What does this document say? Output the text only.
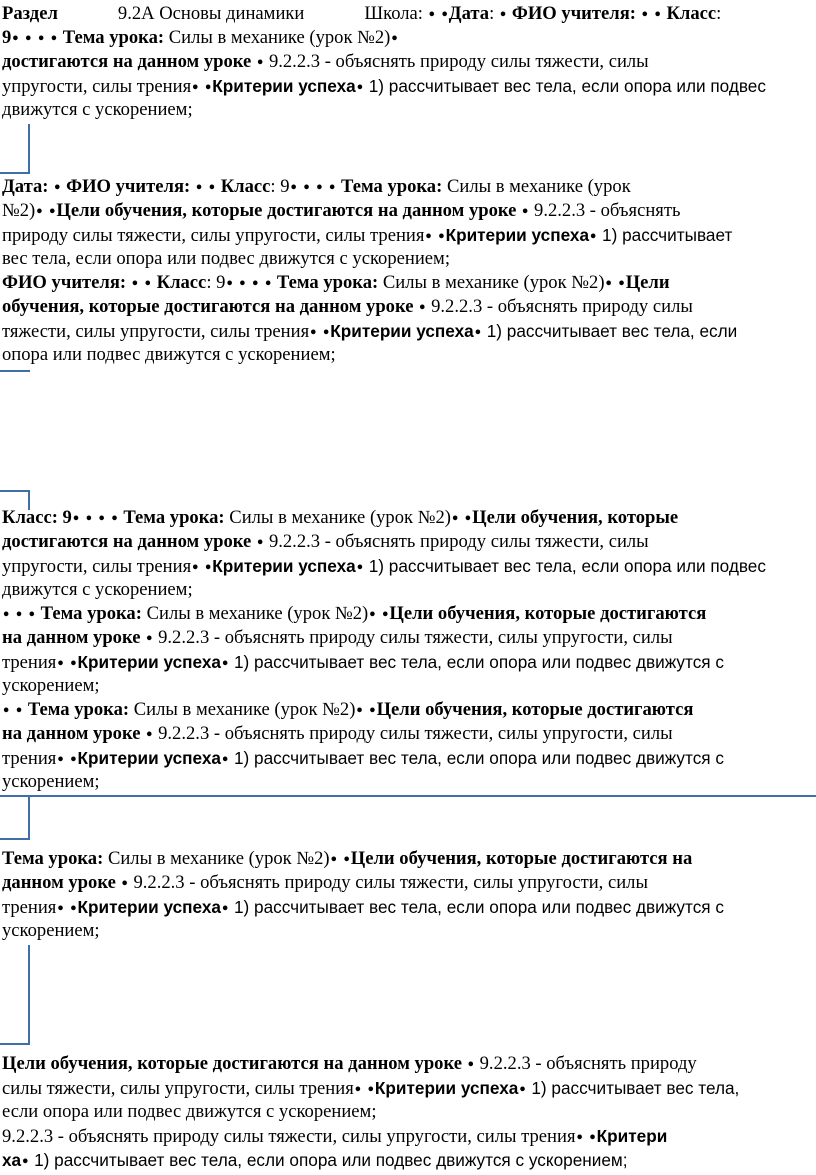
Раздел	9.2А Основы динамики	Школа: • •Дата: • ФИО учителя: • • Класс:
9• • • • Тема урока: Силы в механике (урок №2)•
достигаются на данном уроке • 9.2.2.3 - объяснять природу силы тяжести, силы
упругости, силы трения• •Критерии успеха• 1) рассчитывает вес тела, если опора или подвес
движутся с ускорением;
Дата: • ФИО учителя: • • Класс: 9• • • • Тема урока: Силы в механике (урок
№2)• •Цели обучения, которые достигаются на данном уроке • 9.2.2.3 - объяснять
природу силы тяжести, силы упругости, силы трения• •Критерии успеха• 1) рассчитывает
вес тела, если опора или подвес движутся с ускорением;
ФИО учителя: • • Класс: 9• • • • Тема урока: Силы в механике (урок №2)• •Цели
обучения, которые достигаются на данном уроке • 9.2.2.3 - объяснять природу силы
тяжести, силы упругости, силы трения• •Критерии успеха• 1) рассчитывает вес тела, если
опора или подвес движутся с ускорением;
Класс: 9• • • • Тема урока: Силы в механике (урок №2)• •Цели обучения, которые
достигаются на данном уроке • 9.2.2.3 - объяснять природу силы тяжести, силы
упругости, силы трения• •Критерии успеха• 1) рассчитывает вес тела, если опора или подвес
движутся с ускорением;
• • • Тема урока: Силы в механике (урок №2)• •Цели обучения, которые достигаются
на данном уроке • 9.2.2.3 - объяснять природу силы тяжести, силы упругости, силы
трения• •Критерии успеха• 1) рассчитывает вес тела, если опора или подвес движутся с
ускорением;
• • Тема урока: Силы в механике (урок №2)• •Цели обучения, которые достигаются
на данном уроке • 9.2.2.3 - объяснять природу силы тяжести, силы упругости, силы
трения• •Критерии успеха• 1) рассчитывает вес тела, если опора или подвес движутся с
ускорением;
Тема урока: Силы в механике (урок №2)• •Цели обучения, которые достигаются на
данном уроке • 9.2.2.3 - объяснять природу силы тяжести, силы упругости, силы
трения• •Критерии успеха• 1) рассчитывает вес тела, если опора или подвес движутся с
ускорением;
Цели обучения, которые достигаются на данном уроке • 9.2.2.3 - объяснять природу
силы тяжести, силы упругости, силы трения• •Критерии успеха• 1) рассчитывает вес тела,
если опора или подвес движутся с ускорением;
9.2.2.3 - объяснять природу силы тяжести, силы упругости, силы трения• •Критери
ха• 1) рассчитывает вес тела, если опора или подвес движутся с ускорением;
